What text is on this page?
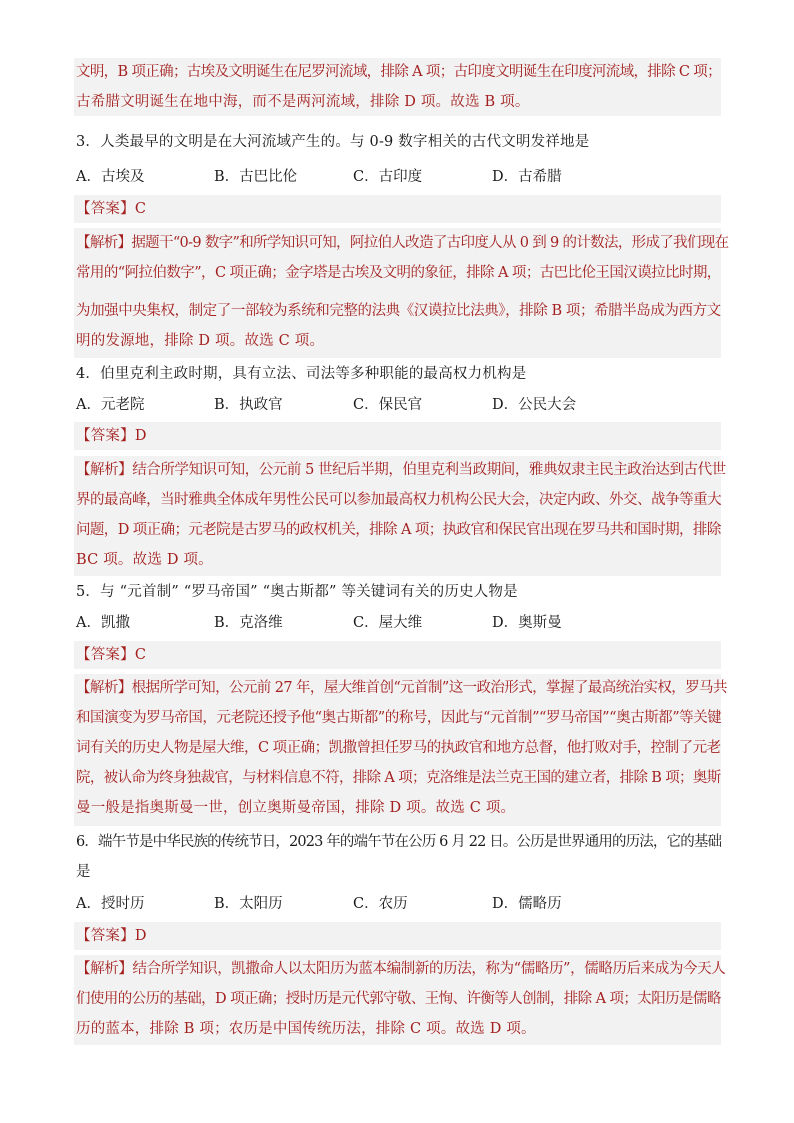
文明，B 项正确；古埃及文明诞生在尼罗河流域，排除 A 项；古印度文明诞生在印度河流域，排除 C 项；
古希腊文明诞生在地中海，而不是两河流域，排除 D 项。故选 B 项。
3．人类最早的文明是在大河流域产生的。与 0-9 数字相关的古代文明发祥地是
A．古埃及	B．古巴比伦	C．古印度	D．古希腊
【答案】C
【解析】据题干“0-9 数字”和所学知识可知，阿拉伯人改造了古印度人从 0 到 9 的计数法，形成了我们现在
常用的“阿拉伯数字”，C 项正确；金字塔是古埃及文明的象征，排除 A 项；古巴比伦王国汉谟拉比时期，
为加强中央集权，制定了一部较为系统和完整的法典《汉谟拉比法典》，排除 B 项；希腊半岛成为西方文
明的发源地，排除 D 项。故选 C 项。
4．伯里克利主政时期，具有立法、司法等多种职能的最高权力机构是
A．元老院	B．执政官	C．保民官	D．公民大会
【答案】D
【解析】结合所学知识可知，公元前 5 世纪后半期，伯里克利当政期间，雅典奴隶主民主政治达到古代世
界的最高峰，当时雅典全体成年男性公民可以参加最高权力机构公民大会，决定内政、外交、战争等重大
问题，D 项正确；元老院是古罗马的政权机关，排除 A 项；执政官和保民官出现在罗马共和国时期，排除
BC 项。故选 D 项。
5．与 “元首制” “罗马帝国” “奥古斯都” 等关键词有关的历史人物是
A．凯撒	B．克洛维	C．屋大维	D．奥斯曼
【答案】C
【解析】根据所学可知，公元前 27 年，屋大维首创“元首制”这一政治形式，掌握了最高统治实权，罗马共
和国演变为罗马帝国，元老院还授予他“奥古斯都”的称号，因此与“元首制”“罗马帝国”“奥古斯都”等关键
词有关的历史人物是屋大维，C 项正确；凯撒曾担任罗马的执政官和地方总督，他打败对手，控制了元老
院，被认命为终身独裁官，与材料信息不符，排除 A 项；克洛维是法兰克王国的建立者，排除 B 项；奥斯
曼一般是指奥斯曼一世，创立奥斯曼帝国，排除 D 项。故选 C 项。
6．端午节是中华民族的传统节日，2023 年的端午节在公历 6 月 22 日。公历是世界通用的历法，它的基础
是
A．授时历	B．太阳历	C．农历	D．儒略历
【答案】D
【解析】结合所学知识，凯撒命人以太阳历为蓝本编制新的历法，称为“儒略历”，儒略历后来成为今天人
们使用的公历的基础，D 项正确；授时历是元代郭守敬、王恂、许衡等人创制，排除 A 项；太阳历是儒略
历的蓝本，排除 B 项；农历是中国传统历法，排除 C 项。故选 D 项。
